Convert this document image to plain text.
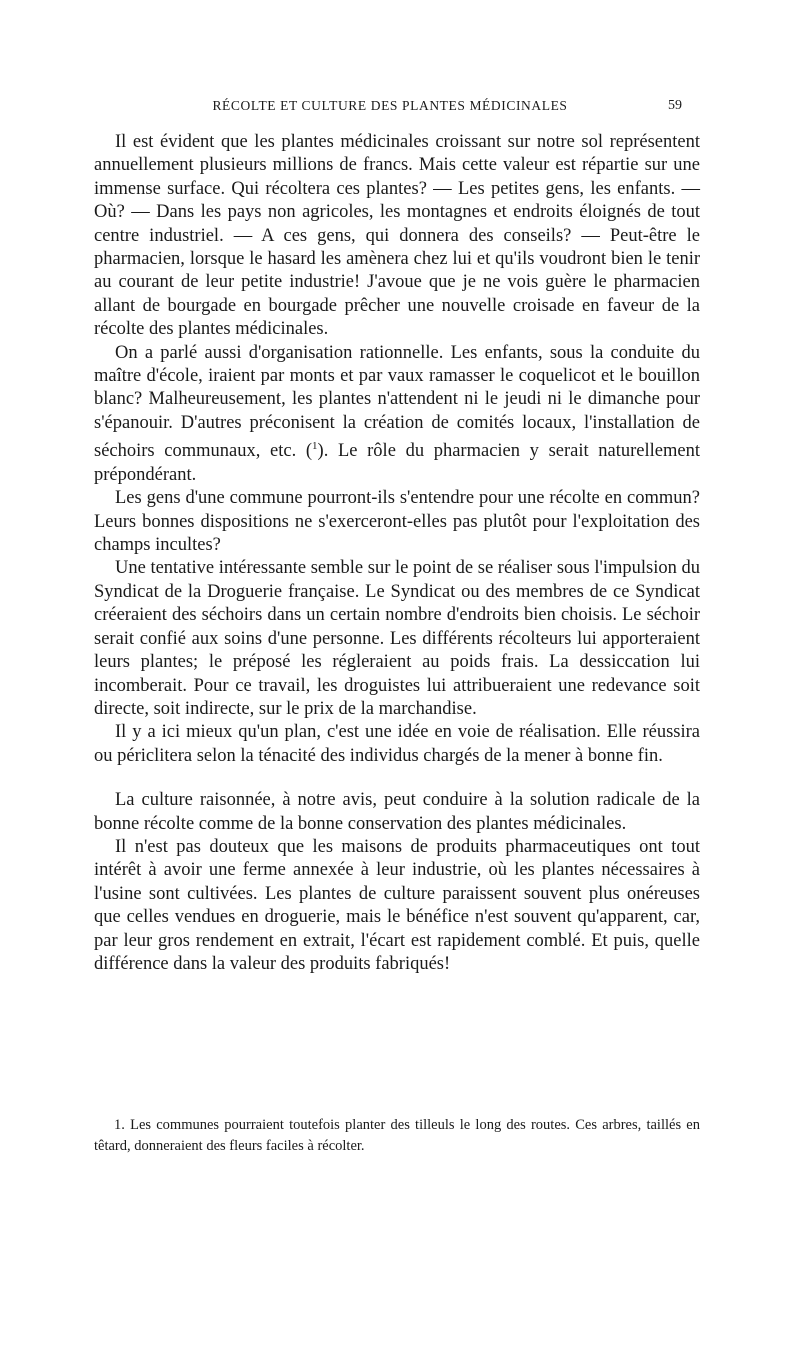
RÉCOLTE ET CULTURE DES PLANTES MÉDICINALES	59

Il est évident que les plantes médicinales croissant sur notre sol représentent annuellement plusieurs millions de francs. Mais cette valeur est répartie sur une immense surface. Qui récoltera ces plantes? — Les petites gens, les enfants. — Où? — Dans les pays non agricoles, les montagnes et endroits éloignés de tout centre industriel. — A ces gens, qui donnera des conseils? — Peut-être le pharmacien, lorsque le hasard les amènera chez lui et qu'ils voudront bien le tenir au courant de leur petite industrie! J'avoue que je ne vois guère le pharmacien allant de bourgade en bourgade prêcher une nouvelle croisade en faveur de la récolte des plantes médicinales.

On a parlé aussi d'organisation rationnelle. Les enfants, sous la conduite du maître d'école, iraient par monts et par vaux ramasser le coquelicot et le bouillon blanc? Malheureusement, les plantes n'attendent ni le jeudi ni le dimanche pour s'épanouir. D'autres préconisent la création de comités locaux, l'installation de séchoirs communaux, etc. ($^1$). Le rôle du pharmacien y serait naturellement prépondérant.

Les gens d'une commune pourront-ils s'entendre pour une récolte en commun? Leurs bonnes dispositions ne s'exerceront-elles pas plutôt pour l'exploitation des champs incultes?

Une tentative intéressante semble sur le point de se réaliser sous l'impulsion du Syndicat de la Droguerie française. Le Syndicat ou des membres de ce Syndicat créeraient des séchoirs dans un certain nombre d'endroits bien choisis. Le séchoir serait confié aux soins d'une personne. Les différents récolteurs lui apporteraient leurs plantes; le préposé les régleraient au poids frais. La dessiccation lui incomberait. Pour ce travail, les droguistes lui attribueraient une redevance soit directe, soit indirecte, sur le prix de la marchandise.

Il y a ici mieux qu'un plan, c'est une idée en voie de réalisation. Elle réussira ou périclitera selon la ténacité des individus chargés de la mener à bonne fin.

La culture raisonnée, à notre avis, peut conduire à la solution radicale de la bonne récolte comme de la bonne conservation des plantes médicinales.

Il n'est pas douteux que les maisons de produits pharmaceutiques ont tout intérêt à avoir une ferme annexée à leur industrie, où les plantes nécessaires à l'usine sont cultivées. Les plantes de culture paraissent souvent plus onéreuses que celles vendues en droguerie, mais le bénéfice n'est souvent qu'apparent, car, par leur gros rendement en extrait, l'écart est rapidement comblé. Et puis, quelle différence dans la valeur des produits fabriqués!

1. Les communes pourraient toutefois planter des tilleuls le long des routes. Ces arbres, taillés en têtard, donneraient des fleurs faciles à récolter.
